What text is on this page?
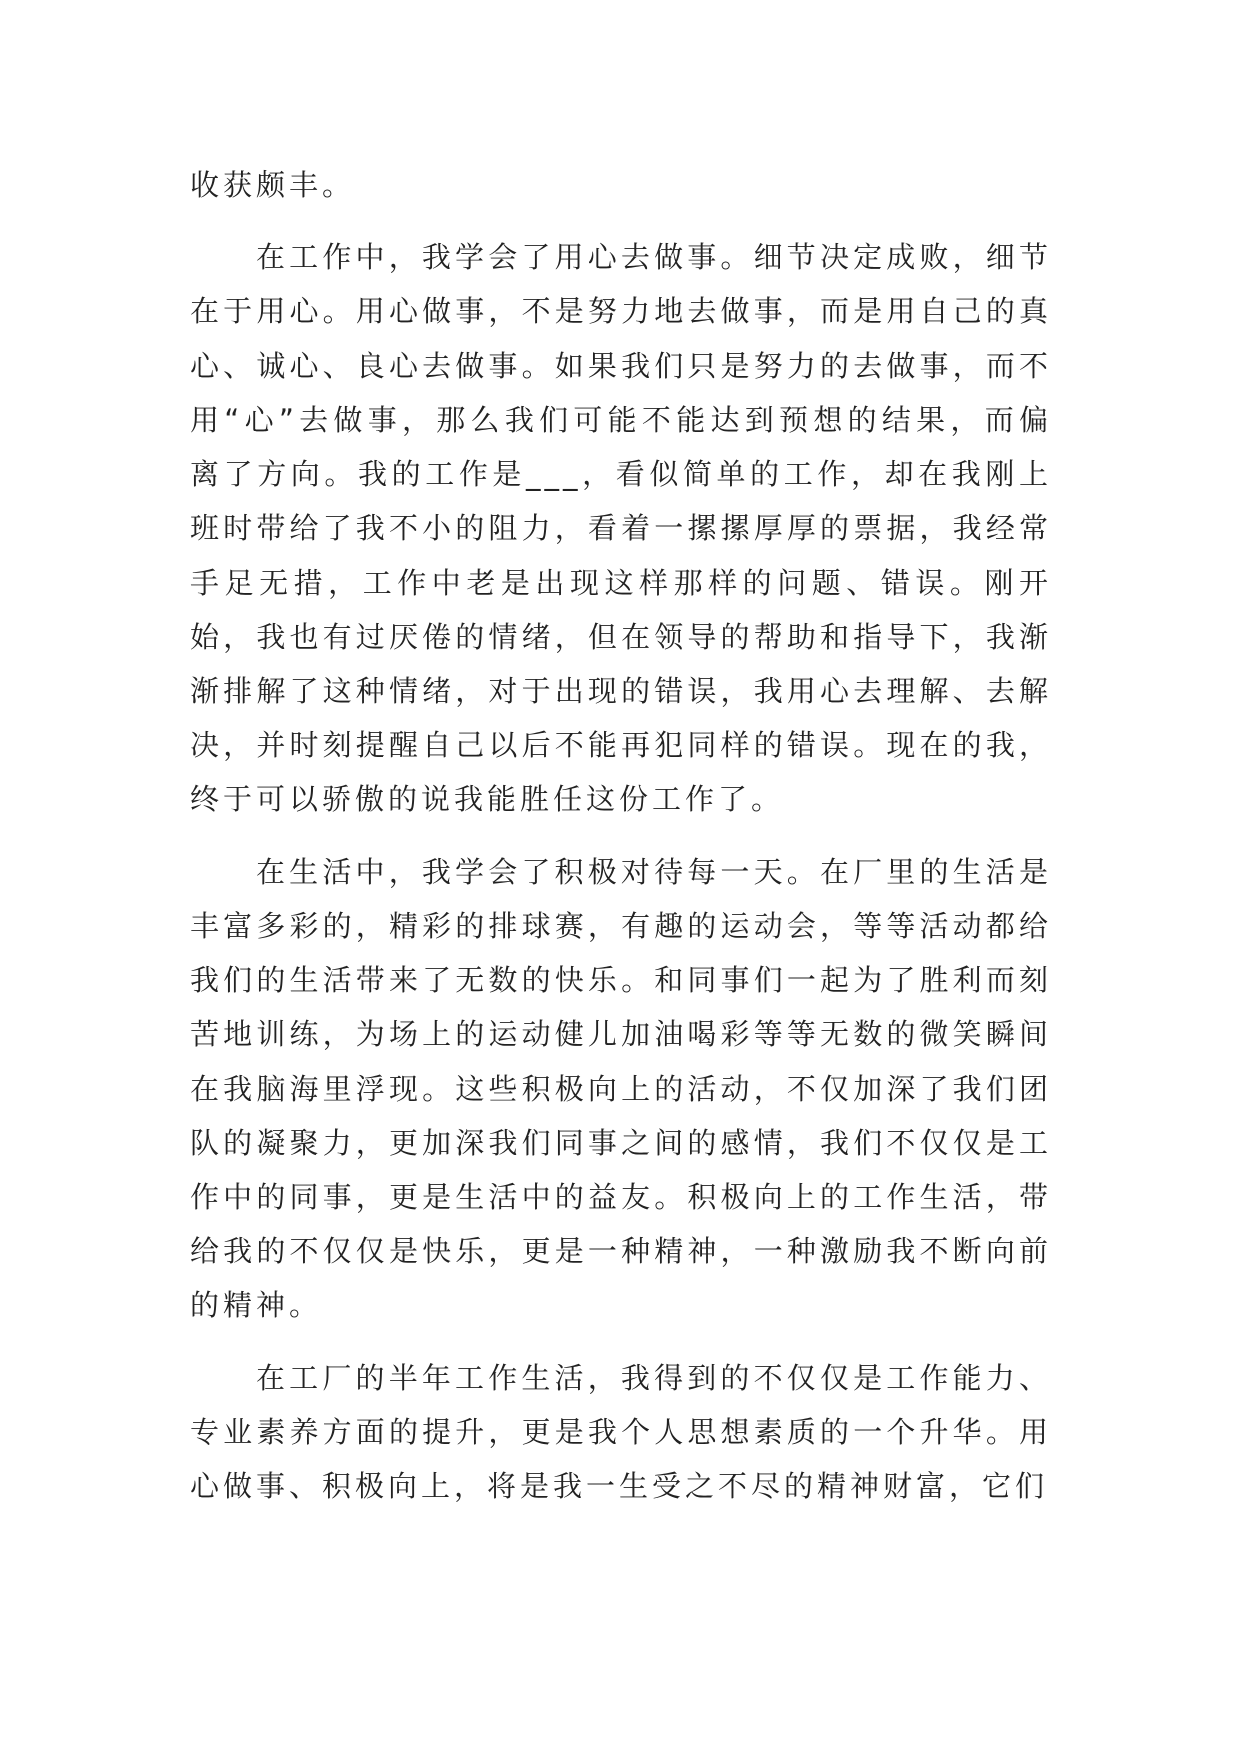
收获颇丰。

在工作中，我学会了用心去做事。细节决定成败，细节在于用心。用心做事，不是努力地去做事，而是用自己的真心、诚心、良心去做事。如果我们只是努力的去做事，而不用“心”去做事，那么我们可能不能达到预想的结果，而偏离了方向。我的工作是___，看似简单的工作，却在我刚上班时带给了我不小的阻力，看着一摞摞厚厚的票据，我经常手足无措，工作中老是出现这样那样的问题、错误。刚开始，我也有过厌倦的情绪，但在领导的帮助和指导下，我渐渐排解了这种情绪，对于出现的错误，我用心去理解、去解决，并时刻提醒自己以后不能再犯同样的错误。现在的我，终于可以骄傲的说我能胜任这份工作了。

在生活中，我学会了积极对待每一天。在厂里的生活是丰富多彩的，精彩的排球赛，有趣的运动会，等等活动都给我们的生活带来了无数的快乐。和同事们一起为了胜利而刻苦地训练，为场上的运动健儿加油喝彩等等无数的微笑瞬间在我脑海里浮现。这些积极向上的活动，不仅加深了我们团队的凝聚力，更加深我们同事之间的感情，我们不仅仅是工作中的同事，更是生活中的益友。积极向上的工作生活，带给我的不仅仅是快乐，更是一种精神，一种激励我不断向前的精神。

在工厂的半年工作生活，我得到的不仅仅是工作能力、专业素养方面的提升，更是我个人思想素质的一个升华。用心做事、积极向上，将是我一生受之不尽的精神财富，它们
